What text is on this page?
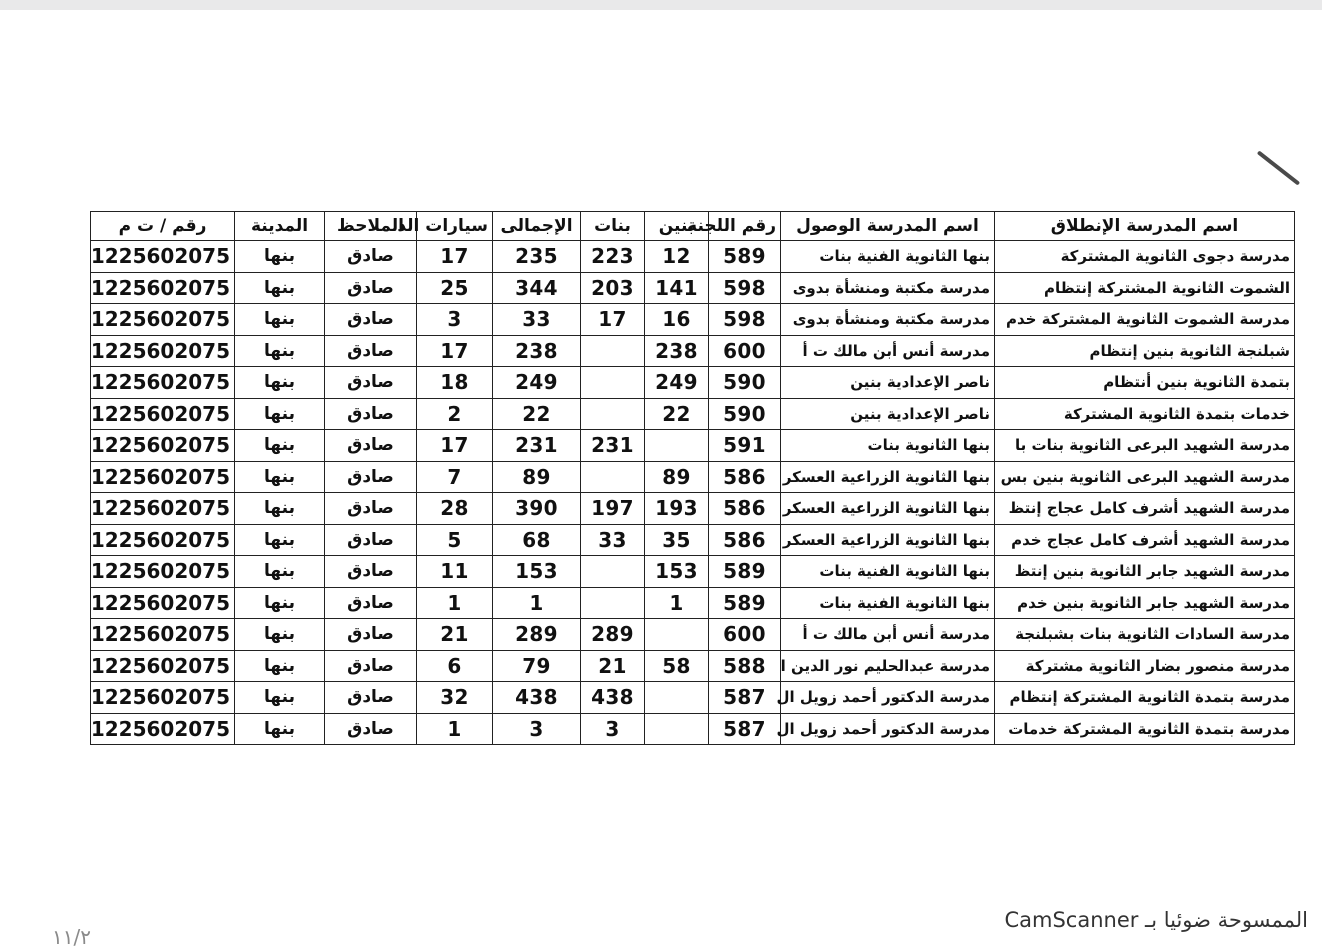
اسم المدرسة الإنطلاق	اسم المدرسة الوصول	رقم اللجنة	بنين	بنات	الإجمالى	سيارات الد	الملاحظ	المدينة	رقم / ت م
مدرسة دجوى الثانوية المشتركة	بنها الثانوية الفنية بنات	589	12	223	235	17	صادق	بنها	1225602075
الشموت الثانوية المشتركة إنتظام	مدرسة مكتبة ومنشأة بدوى	598	141	203	344	25	صادق	بنها	1225602075
مدرسة الشموت الثانوية المشتركة خدم	مدرسة مكتبة ومنشأة بدوى	598	16	17	33	3	صادق	بنها	1225602075
شبلنجة الثانوية بنين إنتظام	مدرسة أنس أبن مالك ت أ	600	238		238	17	صادق	بنها	1225602075
بتمدة الثانوية بنين أنتظام	ناصر الإعدادية بنين	590	249		249	18	صادق	بنها	1225602075
خدمات بتمدة الثانوية المشتركة	ناصر الإعدادية بنين	590	22		22	2	صادق	بنها	1225602075
مدرسة الشهيد البرعى الثانوية بنات با	بنها الثانوية بنات	591		231	231	17	صادق	بنها	1225602075
مدرسة الشهيد البرعى الثانوية بنين بس	بنها الثانوية الزراعية العسكر	586	89		89	7	صادق	بنها	1225602075
مدرسة الشهيد أشرف كامل عجاج إنتظ	بنها الثانوية الزراعية العسكر	586	193	197	390	28	صادق	بنها	1225602075
مدرسة الشهيد أشرف كامل عجاج خدم	بنها الثانوية الزراعية العسكر	586	35	33	68	5	صادق	بنها	1225602075
مدرسة الشهيد جابر الثانوية بنين إنتظ	بنها الثانوية الفنية بنات	589	153		153	11	صادق	بنها	1225602075
مدرسة الشهيد جابر الثانوية بنين خدم	بنها الثانوية الفنية بنات	589	1		1	1	صادق	بنها	1225602075
مدرسة السادات الثانوية بنات بشبلنجة	مدرسة أنس أبن مالك ت أ	600		289	289	21	صادق	بنها	1225602075
مدرسة منصور بضار الثانوية مشتركة	مدرسة عبدالحليم نور الدين ا	588	58	21	79	6	صادق	بنها	1225602075
مدرسة بتمدة الثانوية المشتركة إنتظام	مدرسة الدكتور أحمد زويل ال	587		438	438	32	صادق	بنها	1225602075
مدرسة بتمدة الثانوية المشتركة خدمات	مدرسة الدكتور أحمد زويل ال	587		3	3	1	صادق	بنها	1225602075
الممسوحة ضوئيا بـ CamScanner
١١/٢
